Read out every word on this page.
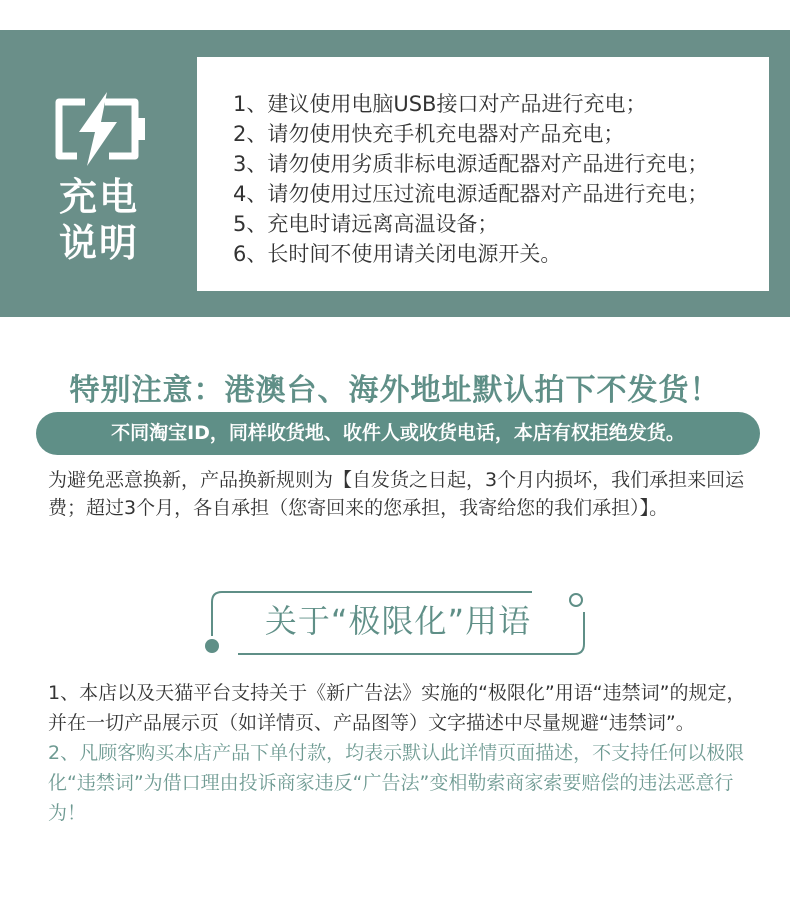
充电
说明
1、建议使用电脑USB接口对产品进行充电；
2、请勿使用快充手机充电器对产品充电；
3、请勿使用劣质非标电源适配器对产品进行充电；
4、请勿使用过压过流电源适配器对产品进行充电；
5、充电时请远离高温设备；
6、长时间不使用请关闭电源开关。
特别注意：港澳台、海外地址默认拍下不发货！
不同淘宝ID，同样收货地、收件人或收货电话，本店有权拒绝发货。

为避免恶意换新，产品换新规则为【自发货之日起，3个月内损坏，我们承担来回运费；超过3个月，各自承担（您寄回来的您承担，我寄给您的我们承担）】。

关于“极限化”用语

1、本店以及天猫平台支持关于《新广告法》实施的“极限化”用语“违禁词”的规定，并在一切产品展示页（如详情页、产品图等）文字描述中尽量规避“违禁词”。

2、凡顾客购买本店产品下单付款，均表示默认此详情页面描述，不支持任何以极限化“违禁词”为借口理由投诉商家违反“广告法”变相勒索商家索要赔偿的违法恶意行为！
